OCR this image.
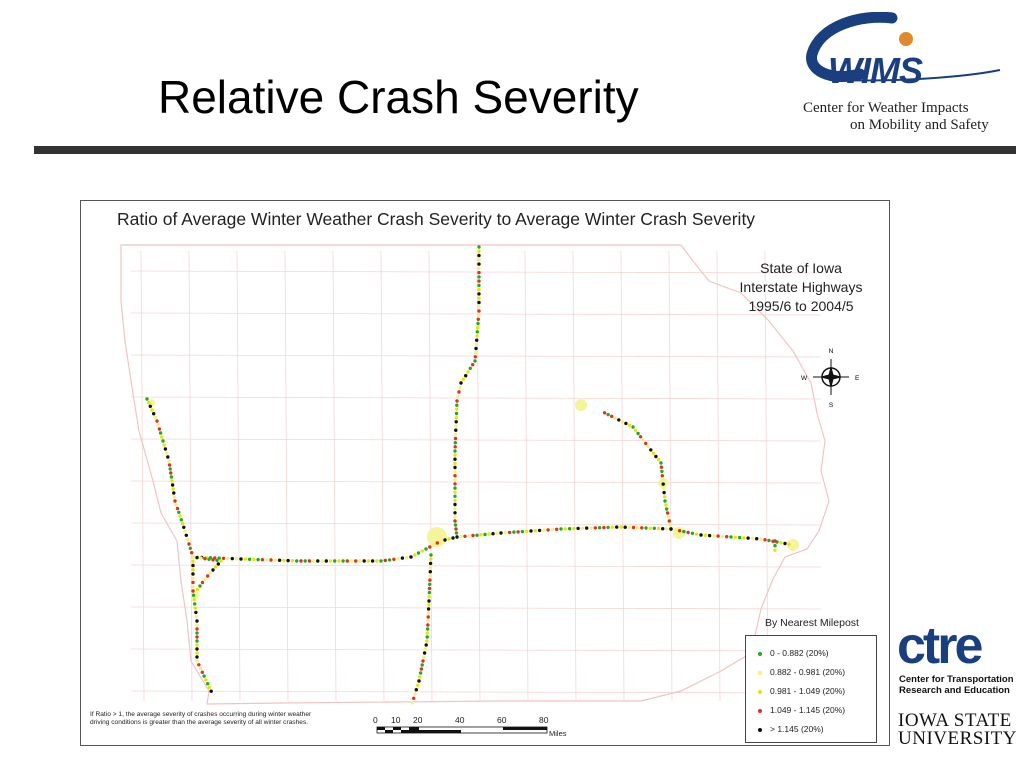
Relative Crash Severity
WIMS
Center for Weather Impacts
on Mobility and Safety
N
S
E
W
Ratio of Average Winter Weather Crash Severity to Average Winter Crash Severity
State of Iowa
Interstate Highways
1995/6 to 2004/5
By Nearest Milepost
0 - 0.882 (20%)
0.882 - 0.981 (20%)
0.981 - 1.049 (20%)
1.049 - 1.145 (20%)
> 1.145 (20%)
If Ratio > 1, the average severity of crashes occurring during winter weather driving conditions is greater than the average severity of all winter crashes.	0 10 20	40	60	80
Miles
ctre
Center for Transportation
Research and Education
IOWA STATE
UNIVERSITY
